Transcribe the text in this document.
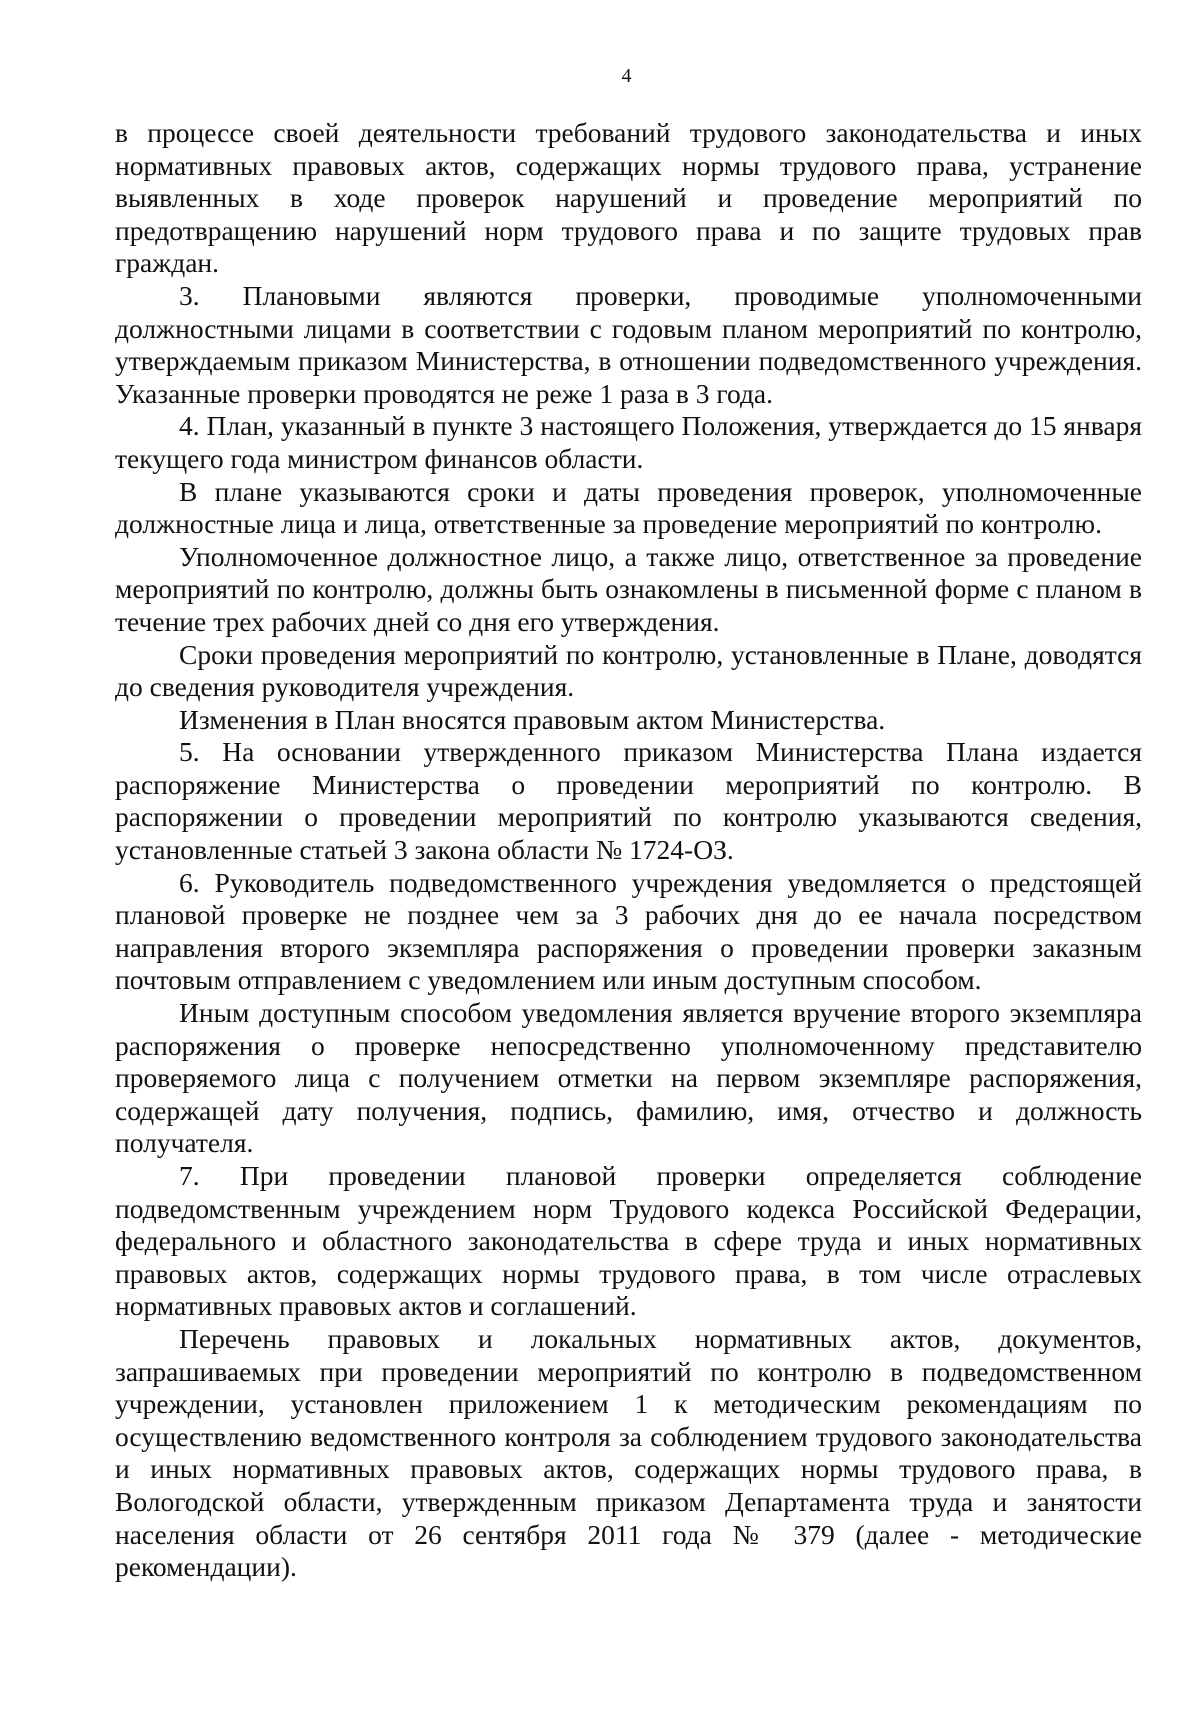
4

в процессе своей деятельности требований трудового законодательства и иных нормативных правовых актов, содержащих нормы трудового права, устранение выявленных в ходе проверок нарушений и проведение мероприятий по предотвращению нарушений норм трудового права и по защите трудовых прав граждан.

3. Плановыми являются проверки, проводимые уполномоченными должностными лицами в соответствии с годовым планом мероприятий по контролю, утверждаемым приказом Министерства, в отношении подведомственного учреждения. Указанные проверки проводятся не реже 1 раза в 3 года.

4. План, указанный в пункте 3 настоящего Положения, утверждается до 15 января текущего года министром финансов области.

В плане указываются сроки и даты проведения проверок, уполномоченные должностные лица и лица, ответственные за проведение мероприятий по контролю.

Уполномоченное должностное лицо, а также лицо, ответственное за проведение мероприятий по контролю, должны быть ознакомлены в письменной форме с планом в течение трех рабочих дней со дня его утверждения.

Сроки проведения мероприятий по контролю, установленные в Плане, доводятся до сведения руководителя учреждения.

Изменения в План вносятся правовым актом Министерства.

5. На основании утвержденного приказом Министерства Плана издается распоряжение Министерства о проведении мероприятий по контролю. В распоряжении о проведении мероприятий по контролю указываются сведения, установленные статьей 3 закона области № 1724-ОЗ.

6. Руководитель подведомственного учреждения уведомляется о предстоящей плановой проверке не позднее чем за 3 рабочих дня до ее начала посредством направления второго экземпляра распоряжения о проведении проверки заказным почтовым отправлением с уведомлением или иным доступным способом.

Иным доступным способом уведомления является вручение второго экземпляра распоряжения о проверке непосредственно уполномоченному представителю проверяемого лица с получением отметки на первом экземпляре распоряжения, содержащей дату получения, подпись, фамилию, имя, отчество и должность получателя.

7. При проведении плановой проверки определяется соблюдение подведомственным учреждением норм Трудового кодекса Российской Федерации, федерального и областного законодательства в сфере труда и иных нормативных правовых актов, содержащих нормы трудового права, в том числе отраслевых нормативных правовых актов и соглашений.

Перечень правовых и локальных нормативных актов, документов, запрашиваемых при проведении мероприятий по контролю в подведомственном учреждении, установлен приложением 1 к методическим рекомендациям по осуществлению ведомственного контроля за соблюдением трудового законодательства и иных нормативных правовых актов, содержащих нормы трудового права, в Вологодской области, утвержденным приказом Департамента труда и занятости населения области от 26 сентября 2011 года № 379 (далее - методические рекомендации).
